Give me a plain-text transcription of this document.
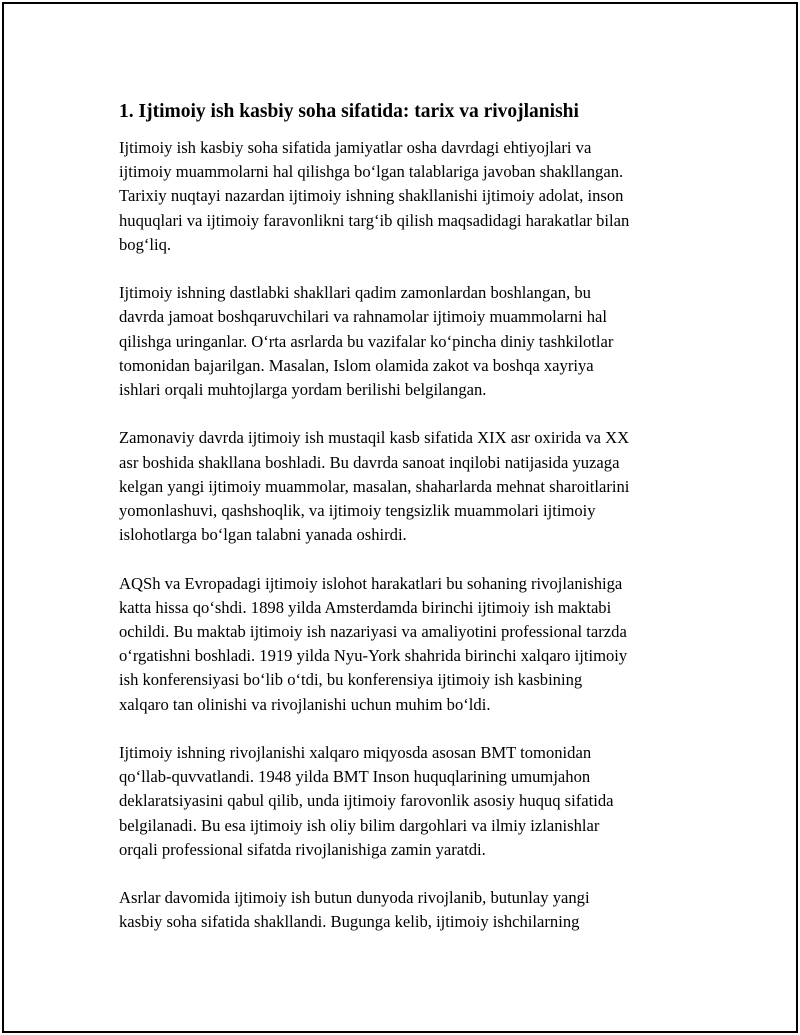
1. Ijtimoiy ish kasbiy soha sifatida: tarix va rivojlanishi
Ijtimoiy ish kasbiy soha sifatida jamiyatlar osha davrdagi ehtiyojlari va
ijtimoiy muammolarni hal qilishga bo‘lgan talablariga javoban shakllangan.
Tarixiy nuqtayi nazardan ijtimoiy ishning shakllanishi ijtimoiy adolat, inson
huquqlari va ijtimoiy faravonlikni targ‘ib qilish maqsadidagi harakatlar bilan
bog‘liq.
Ijtimoiy ishning dastlabki shakllari qadim zamonlardan boshlangan, bu
davrda jamoat boshqaruvchilari va rahnamolar ijtimoiy muammolarni hal
qilishga uringanlar. O‘rta asrlarda bu vazifalar ko‘pincha diniy tashkilotlar
tomonidan bajarilgan. Masalan, Islom olamida zakot va boshqa xayriya
ishlari orqali muhtojlarga yordam berilishi belgilangan.
Zamonaviy davrda ijtimoiy ish mustaqil kasb sifatida XIX asr oxirida va XX
asr boshida shakllana boshladi. Bu davrda sanoat inqilobi natijasida yuzaga
kelgan yangi ijtimoiy muammolar, masalan, shaharlarda mehnat sharoitlarini
yomonlashuvi, qashshoqlik, va ijtimoiy tengsizlik muammolari ijtimoiy
islohotlarga bo‘lgan talabni yanada oshirdi.
AQSh va Evropadagi ijtimoiy islohot harakatlari bu sohaning rivojlanishiga
katta hissa qo‘shdi. 1898 yilda Amsterdamda birinchi ijtimoiy ish maktabi
ochildi. Bu maktab ijtimoiy ish nazariyasi va amaliyotini professional tarzda
o‘rgatishni boshladi. 1919 yilda Nyu-York shahrida birinchi xalqaro ijtimoiy
ish konferensiyasi bo‘lib o‘tdi, bu konferensiya ijtimoiy ish kasbining
xalqaro tan olinishi va rivojlanishi uchun muhim bo‘ldi.
Ijtimoiy ishning rivojlanishi xalqaro miqyosda asosan BMT tomonidan
qo‘llab-quvvatlandi. 1948 yilda BMT Inson huquqlarining umumjahon
deklaratsiyasini qabul qilib, unda ijtimoiy farovonlik asosiy huquq sifatida
belgilanadi. Bu esa ijtimoiy ish oliy bilim dargohlari va ilmiy izlanishlar
orqali professional sifatda rivojlanishiga zamin yaratdi.
Asrlar davomida ijtimoiy ish butun dunyoda rivojlanib, butunlay yangi
kasbiy soha sifatida shakllandi. Bugunga kelib, ijtimoiy ishchilarning
